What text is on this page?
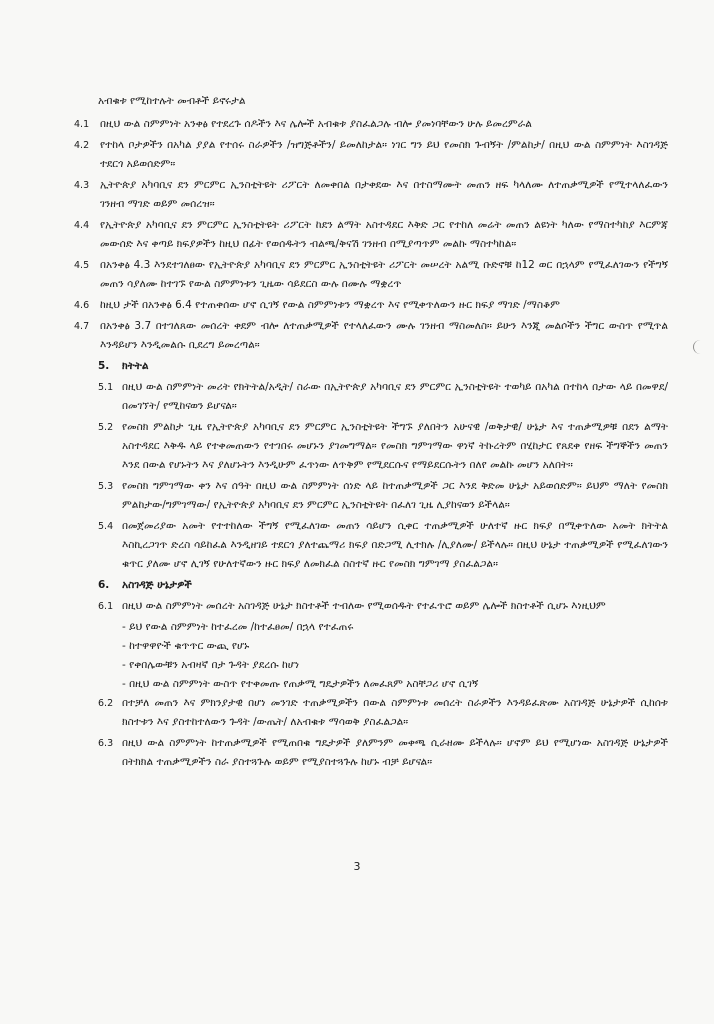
አብቁቱ የሚከተሉት መብቶች ይኖሩታል
4.1	በዚህ ውል ስምምነት አንቀፅ የተደረጉ ሰዶችን እና ሌሎች አብቁቱ ያስፈልጋሉ ብሎ ያመነባቸውን ሁሉ ይመረምራል
4.2	የተከላ ቦታዎችን በአካል ያያል የተሰሩ ስራዎችን /ዝግጅቶችን/ ይመለከታል። ነገር ግን ይህ የመስክ ጉብኝት /ምልከታ/ በዚህ ውል ስምምነት እስገዳጅ ተደርጎ አይወሰድም።
4.3	ኢትዮጵያ አካባቢና ደን ምርምር ኢንስቲትዩት ሪፖርት ለመቀበል በታቀደው እና በተስማሙት መጠን ዘፍ ካላለሙ ለተጠቃሚዎች የሚተላለፈውን ገንዘብ ማገድ ወይም መሰረዝ።
4.4	የኢትዮጵያ አካባቢና ደን ምርምር ኢንስቲትዩት ሪፖርት ከደን ልማት አስተዳደር እቅድ ጋር የተከለ መሬት መጠን ልዩነት ካለው የማስተካከያ እርምጃ መውሰድ እና ቀጣይ ክፍያዎችን ከዚህ በፊት የወሰዱትን ብልጫ/ቅናሽ ገንዘብ በሚያጣጥም መልኩ ማስተካከል።
4.5	በአንቀፅ 4.3 እንደተገለፀው የኢትዮጵያ አካባቢና ደን ምርምር ኢንስቲትዩት ሪፖርት መሠረት አልሚ ቡድኖቹ ከ12 ወር በኋላም የሚፈለገውን የችግኝ መጠን ሳያለሙ ከተገኙ የውል ስምምነቱን ጊዜው ሳይደርስ ውሉ በሙሉ ማቋረጥ
4.6	ከዚህ ታች በአንቀፅ 6.4 የተጠቀሰው ሆኖ ሲገኝ የውል ስምምነቱን ማቋረጥ እና የሚቀጥለውን ዙር ክፍያ ማገድ /ማስቆም
4.7	በአንቀፅ 3.7 በተገለጸው መሰረት ቀደም ብሎ ለተጠቃሚዎች የተላለፈውን ሙሉ ገንዘብ ማስመለስ። ይሁን እንጂ መልሶችን ችግር ውስጥ የሚጥል እንዳይሆን እንዲመልሱ ቢደረግ ይመረጣል።
5.	ክትትል
5.1 በዚህ ውል ስምምነት መሪት የክትትል/አዲት/ ስራው በኢትዮጵያ አካባቢና ደን ምርምር ኢንስቲትዩት ተወካይ በአካል በተከላ በታው ላይ በመዋደ/በመገኘት/ የሚከናወን ይሆናል።
5.2 የመስክ ምልከታ ጊዜ የኢትዮጵያ አካባቢና ደን ምርምር ኢንስቲትዩት ችግኙ ያለበትን አሁናዊ /ወቅታዊ/ ሁኔታ እና ተጠቃሚዎቹ በደን ልማት አስተዳደር እቅዱ ላይ የተቀመጠውን የተገበሩ መሆኑን ያገመግማል። የመስክ ግምገማው ዋነኛ ትኩረትም በሂከታር የጸደቀ የዘፍ ችግኞችን መጠን እንደ በውል የሆኑትን እና ያለሆኑትን እንዲሁም ፈጥነው ለጥቅም የሚደርሱና የማይደርሱትን በለየ መልኩ መሆን አለበት።
5.3 የመስክ ግምገማው ቀን እና ሰዓት በዚህ ውል ስምምነት ሰነድ ላይ ከተጠቃሚዎች ጋር እንደ ቅድመ ሁኔታ አይወሰድም። ይህም ማለት የመስክ ምልከታው/ግምገማው/ የኢትዮጵያ አካባቢና ደን ምርምር ኢንስቲትዩት በፈለገ ጊዜ ሊያከናወን ይችላል።
5.4 በመጀመሪያው አመት የተተከለው ችግኝ የሚፈለገው መጠን ሳይሆን ሲቀር ተጠቃሚዎች ሁለተኛ ዙር ክፍያ በሚቀጥለው አመት ክትትል እስኪረጋገጥ ድረስ ሳይከፈል እንዲዘገይ ተደርጎ ያለተጨማሪ ክፍያ በድጋሚ ሊተክሉ /ሊያለሙ/ ይችላሉ። በዚህ ሁኔታ ተጠቃሚዎች የሚፈለገውን ቁጥር ያለሙ ሆኖ ሊገኝ የሁለተኛውን ዙር ክፍያ ለመክፈል ስስተኛ ዙር የመስክ ግምገማ ያስፈልጋል።
6.	አስገዳጅ ሁኔታዎች
6.1 በዚህ ውል ስምምነት መሰረት አስገዳጅ ሁኔታ ክስተቶች ተብለው የሚወሰዱት የተፈጥሮ ወይም ሌሎች ክስተቶች ሲሆኑ እነዚህም
- ይህ የውል ስምምነት ከተፈረመ /ከተፈፀመ/ በኋላ የተፈጠሩ
- ከተዋዋዮች ቁጥጥር ውጪ የሆኑ
- የቀበሌውቹን አብዛኛ በታ ጉዳት ያደረሱ ከሆነ
- በዚህ ውል ስምምነት ውስጥ የተቀመጡ የጠቃሚ ግዴታዎችን ለመፈጸም አስቸጋሪ ሆኖ ሲገኝ
6.2 በተቻለ መጠን እና ምክንያታዊ በሆነ መንገድ ተጠቃሚዎችን በውል ስምምነቱ መሰረት ስራዎችን እንዳይፈጽሙ አስገዳጅ ሁኔታዎች ሲከሰቱ ክስተቱን እና ያስተከተለውን ጉዳት /ውጤት/ ለአብቁቱ ማሳወቅ ያስፈልጋል።
6.3 በዚህ ውል ስምምነት ከተጠቃሚዎች የሚጠበቁ ግዴታዎች ያለምንም መቀጫ ሲራዘሙ ይችላሉ። ሆኖም ይህ የሚሆነው አስገዳጅ ሁኔታዎች በትክክል ተጠቃሚዎችን ስራ ያስተጓጉሉ ወይም የሚያስተጓጉሉ ከሆኑ ብቻ ይሆናል።
3
